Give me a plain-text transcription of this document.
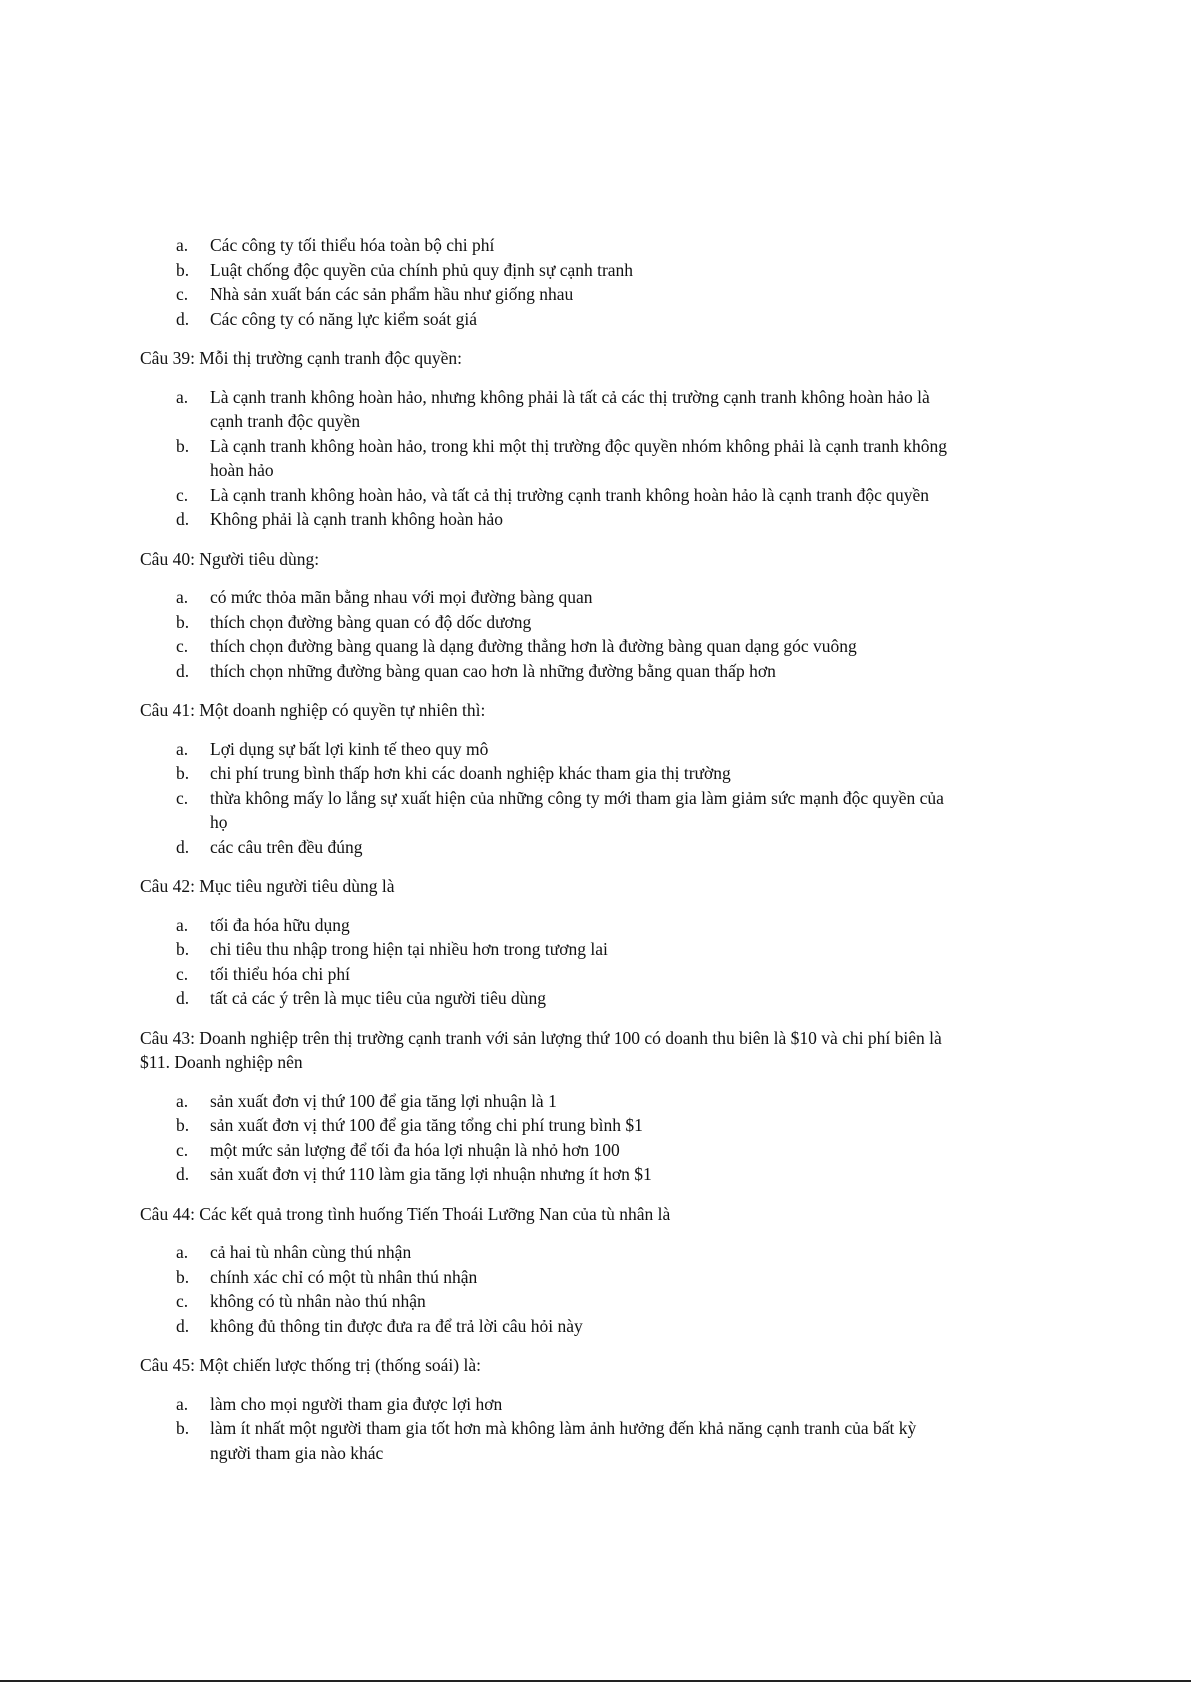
a. Các công ty tối thiểu hóa toàn bộ chi phí
b. Luật chống độc quyền của chính phủ quy định sự cạnh tranh
c. Nhà sản xuất bán các sản phẩm hầu như giống nhau
d. Các công ty có năng lực kiểm soát giá

Câu 39: Mỗi thị trường cạnh tranh độc quyền:

a. Là cạnh tranh không hoàn hảo, nhưng không phải là tất cả các thị trường cạnh tranh không hoàn hảo là cạnh tranh độc quyền
b. Là cạnh tranh không hoàn hảo, trong khi một thị trường độc quyền nhóm không phải là cạnh tranh không hoàn hảo
c. Là cạnh tranh không hoàn hảo, và tất cả thị trường cạnh tranh không hoàn hảo là cạnh tranh độc quyền
d. Không phải là cạnh tranh không hoàn hảo

Câu 40: Người tiêu dùng:

a. có mức thỏa mãn bằng nhau với mọi đường bàng quan
b. thích chọn đường bàng quan có độ dốc dương
c. thích chọn đường bàng quang là dạng đường thẳng hơn là đường bàng quan dạng góc vuông
d. thích chọn những đường bàng quan cao hơn là những đường bằng quan thấp hơn

Câu 41: Một doanh nghiệp có quyền tự nhiên thì:

a. Lợi dụng sự bất lợi kinh tế theo quy mô
b. chi phí trung bình thấp hơn khi các doanh nghiệp khác tham gia thị trường
c. thừa không mấy lo lắng sự xuất hiện của những công ty mới tham gia làm giảm sức mạnh độc quyền của họ
d. các câu trên đều đúng

Câu 42: Mục tiêu người tiêu dùng là

a. tối đa hóa hữu dụng
b. chi tiêu thu nhập trong hiện tại nhiều hơn trong tương lai
c. tối thiểu hóa chi phí
d. tất cả các ý trên là mục tiêu của người tiêu dùng

Câu 43: Doanh nghiệp trên thị trường cạnh tranh với sản lượng thứ 100 có doanh thu biên là $10 và chi phí biên là $11. Doanh nghiệp nên

a. sản xuất đơn vị thứ 100 để gia tăng lợi nhuận là 1
b. sản xuất đơn vị thứ 100 để gia tăng tổng chi phí trung bình $1
c. một mức sản lượng để tối đa hóa lợi nhuận là nhỏ hơn 100
d. sản xuất đơn vị thứ 110 làm gia tăng lợi nhuận nhưng ít hơn $1

Câu 44: Các kết quả trong tình huống Tiến Thoái Lưỡng Nan của tù nhân là

a. cả hai tù nhân cùng thú nhận
b. chính xác chỉ có một tù nhân thú nhận
c. không có tù nhân nào thú nhận
d. không đủ thông tin được đưa ra để trả lời câu hỏi này

Câu 45: Một chiến lược thống trị (thống soái) là:

a. làm cho mọi người tham gia được lợi hơn
b. làm ít nhất một người tham gia tốt hơn mà không làm ảnh hưởng đến khả năng cạnh tranh của bất kỳ người tham gia nào khác
